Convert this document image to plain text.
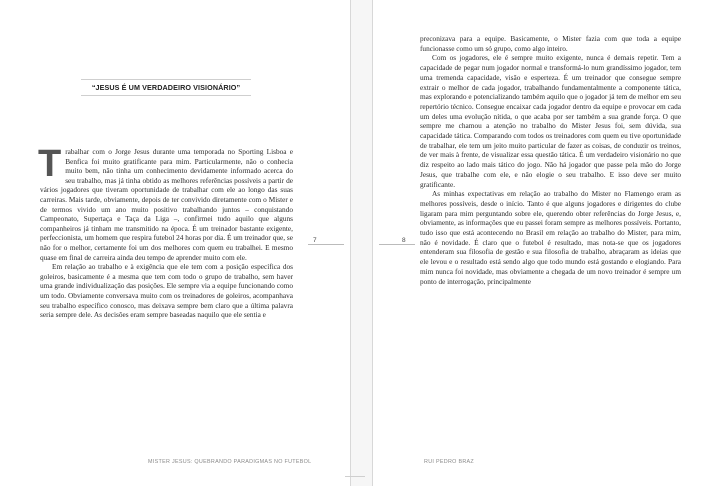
“JESUS É UM VERDADEIRO VISIONÁRIO”

Trabalhar com o Jorge Jesus durante uma temporada no Sporting Lisboa e Benfica foi muito gratificante para mim. Particularmente, não o conhecia muito bem, não tinha um conhecimento devidamente informado acerca do seu trabalho, mas já tinha obtido as melhores referências possíveis a partir de vários jogadores que tiveram oportunidade de trabalhar com ele ao longo das suas carreiras. Mais tarde, obviamente, depois de ter convivido diretamente com o Mister e de termos vivido um ano muito positivo trabalhando juntos – conquistando Campeonato, Supertaça e Taça da Liga –, confirmei tudo aquilo que alguns companheiros já tinham me transmitido na época. É um treinador bastante exigente, perfeccionista, um homem que respira futebol 24 horas por dia. É um treinador que, se não for o melhor, certamente foi um dos melhores com quem eu trabalhei. E mesmo quase em final de carreira ainda deu tempo de aprender muito com ele.

Em relação ao trabalho e à exigência que ele tem com a posição específica dos goleiros, basicamente é a mesma que tem com todo o grupo de trabalho, sem haver uma grande individualização das posições. Ele sempre via a equipe funcionando como um todo. Obviamente conversava muito com os treinadores de goleiros, acompanhava seu trabalho específico conosco, mas deixava sempre bem claro que a última palavra seria sempre dele. As decisões eram sempre baseadas naquilo que ele sentia e

7
MISTER JESUS: QUEBRANDO PARADIGMAS NO FUTEBOL
8
RUI PEDRO BRAZ

preconizava para a equipe. Basicamente, o Mister fazia com que toda a equipe funcionasse como um só grupo, como algo inteiro.

Com os jogadores, ele é sempre muito exigente, nunca é demais repetir. Tem a capacidade de pegar num jogador normal e transformá-lo num grandíssimo jogador, tem uma tremenda capacidade, visão e esperteza. É um treinador que consegue sempre extrair o melhor de cada jogador, trabalhando fundamentalmente a componente tática, mas explorando e potencializando também aquilo que o jogador já tem de melhor em seu repertório técnico. Consegue encaixar cada jogador dentro da equipe e provocar em cada um deles uma evolução nítida, o que acaba por ser também a sua grande força. O que sempre me chamou a atenção no trabalho do Mister Jesus foi, sem dúvida, sua capacidade tática. Comparando com todos os treinadores com quem eu tive oportunidade de trabalhar, ele tem um jeito muito particular de fazer as coisas, de conduzir os treinos, de ver mais à frente, de visualizar essa questão tática. É um verdadeiro visionário no que diz respeito ao lado mais tático do jogo. Não há jogador que passe pela mão do Jorge Jesus, que trabalhe com ele, e não elogie o seu trabalho. E isso deve ser muito gratificante.

As minhas expectativas em relação ao trabalho do Mister no Flamengo eram as melhores possíveis, desde o início. Tanto é que alguns jogadores e dirigentes do clube ligaram para mim perguntando sobre ele, querendo obter referências do Jorge Jesus, e, obviamente, as informações que eu passei foram sempre as melhores possíveis. Portanto, tudo isso que está acontecendo no Brasil em relação ao trabalho do Mister, para mim, não é novidade. É claro que o futebol é resultado, mas nota-se que os jogadores entenderam sua filosofia de gestão e sua filosofia de trabalho, abraçaram as ideias que ele levou e o resultado está sendo algo que todo mundo está gostando e elogiando. Para mim nunca foi novidade, mas obviamente a chegada de um novo treinador é sempre um ponto de interrogação, principalmente
